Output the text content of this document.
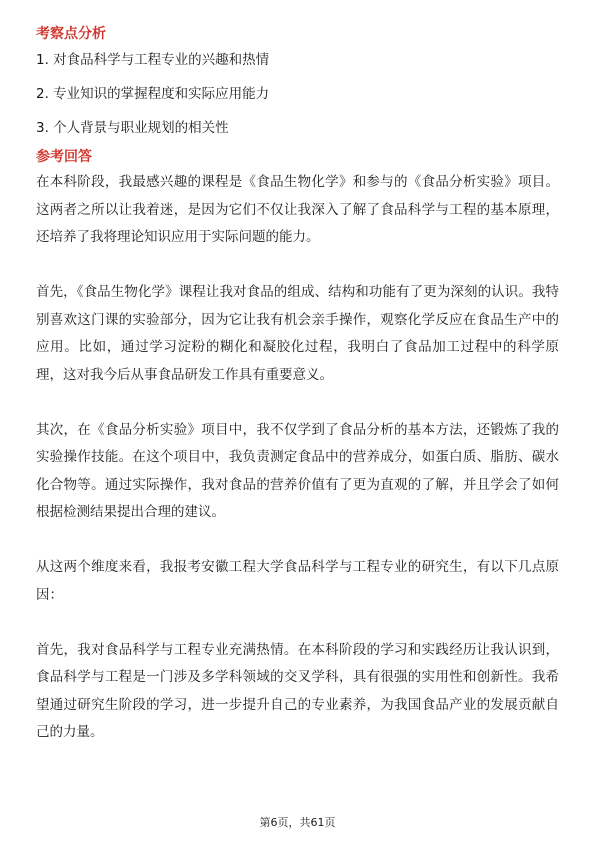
考察点分析
1. 对食品科学与工程专业的兴趣和热情
2. 专业知识的掌握程度和实际应用能力
3. 个人背景与职业规划的相关性
参考回答

在本科阶段，我最感兴趣的课程是《食品生物化学》和参与的《食品分析实验》项目。这两者之所以让我着迷，是因为它们不仅让我深入了解了食品科学与工程的基本原理，还培养了我将理论知识应用于实际问题的能力。

首先，《食品生物化学》课程让我对食品的组成、结构和功能有了更为深刻的认识。我特别喜欢这门课的实验部分，因为它让我有机会亲手操作，观察化学反应在食品生产中的应用。比如，通过学习淀粉的糊化和凝胶化过程，我明白了食品加工过程中的科学原理，这对我今后从事食品研发工作具有重要意义。

其次，在《食品分析实验》项目中，我不仅学到了食品分析的基本方法，还锻炼了我的实验操作技能。在这个项目中，我负责测定食品中的营养成分，如蛋白质、脂肪、碳水化合物等。通过实际操作，我对食品的营养价值有了更为直观的了解，并且学会了如何根据检测结果提出合理的建议。

从这两个维度来看，我报考安徽工程大学食品科学与工程专业的研究生，有以下几点原因：

首先，我对食品科学与工程专业充满热情。在本科阶段的学习和实践经历让我认识到，食品科学与工程是一门涉及多学科领域的交叉学科，具有很强的实用性和创新性。我希望通过研究生阶段的学习，进一步提升自己的专业素养，为我国食品产业的发展贡献自己的力量。

第6页，共61页
